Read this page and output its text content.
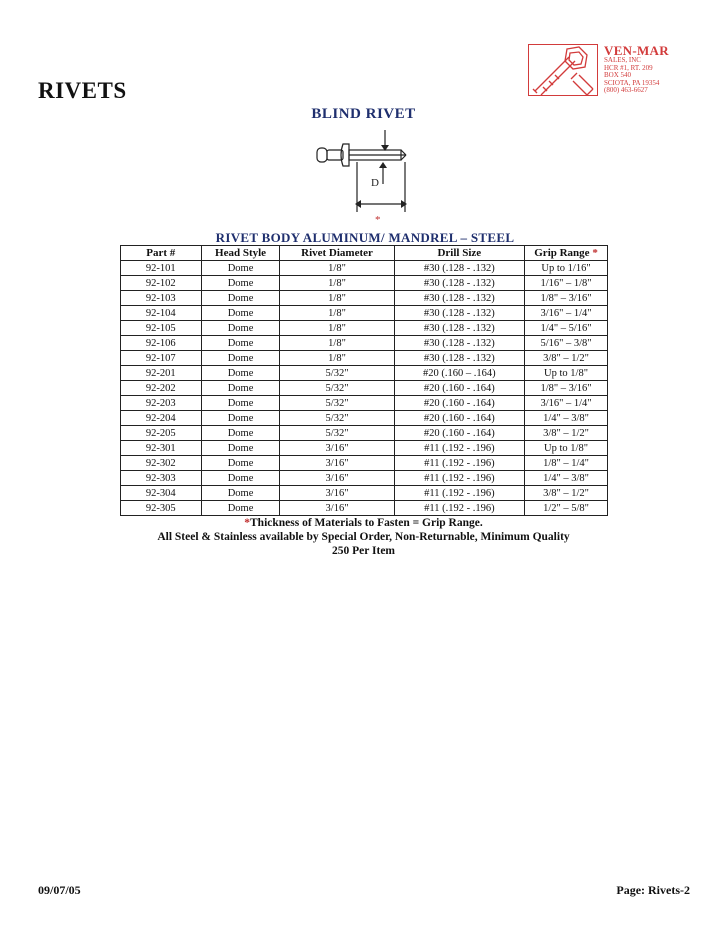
RIVETS
VEN-MAR
SALES, INC
HCR #1, RT. 209
BOX 540
SCIOTA, PA 19354
(800) 463-6627
BLIND RIVET
D
*
RIVET BODY ALUMINUM/ MANDREL – STEEL
Part #	Head Style	Rivet Diameter	Drill Size	Grip Range *
92-101	Dome	1/8"	#30 (.128 - .132)	Up to 1/16"
92-102	Dome	1/8"	#30 (.128 - .132)	1/16" – 1/8"
92-103	Dome	1/8"	#30 (.128 - .132)	1/8" – 3/16"
92-104	Dome	1/8"	#30 (.128 - .132)	3/16" – 1/4"
92-105	Dome	1/8"	#30 (.128 - .132)	1/4" – 5/16"
92-106	Dome	1/8"	#30 (.128 - .132)	5/16" – 3/8"
92-107	Dome	1/8"	#30 (.128 - .132)	3/8" – 1/2"
92-201	Dome	5/32"	#20 (.160 – .164)	Up to 1/8"
92-202	Dome	5/32"	#20 (.160 - .164)	1/8" – 3/16"
92-203	Dome	5/32"	#20 (.160 - .164)	3/16" – 1/4"
92-204	Dome	5/32"	#20 (.160 - .164)	1/4" – 3/8"
92-205	Dome	5/32"	#20 (.160 - .164)	3/8" – 1/2"
92-301	Dome	3/16"	#11 (.192 - .196)	Up to 1/8"
92-302	Dome	3/16"	#11 (.192 - .196)	1/8" – 1/4"
92-303	Dome	3/16"	#11 (.192 - .196)	1/4" – 3/8"
92-304	Dome	3/16"	#11 (.192 - .196)	3/8" – 1/2"
92-305	Dome	3/16"	#11 (.192 - .196)	1/2" – 5/8"
*Thickness of Materials to Fasten = Grip Range.
All Steel & Stainless available by Special Order, Non-Returnable, Minimum Quality
250 Per Item
09/07/05	Page: Rivets-2
